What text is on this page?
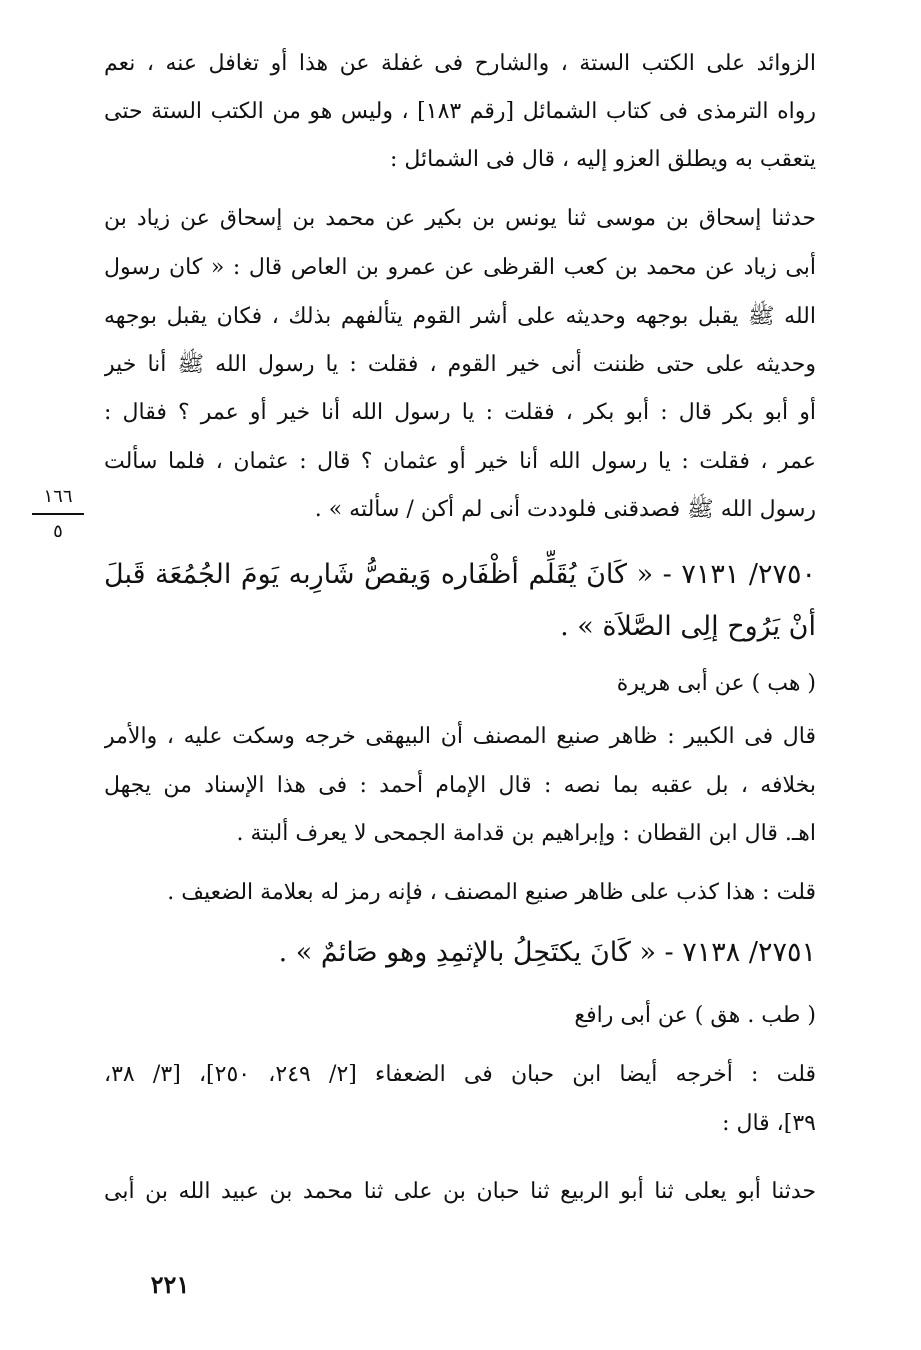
الزوائد على الكتب الستة ، والشارح فى غفلة عن هذا أو تغافل عنه ، نعم
رواه الترمذى فى كتاب الشمائل [رقم ١٨٣] ، وليس هو من الكتب الستة حتى
يتعقب به ويطلق العزو إليه ، قال فى الشمائل :
حدثنا إسحاق بن موسى ثنا يونس بن بكير عن محمد بن إسحاق عن زياد بن
أبى زياد عن محمد بن كعب القرظى عن عمرو بن العاص قال : « كان رسول
الله ﷺ يقبل بوجهه وحديثه على أشر القوم يتألفهم بذلك ، فكان يقبل بوجهه
وحديثه على حتى ظننت أنى خير القوم ، فقلت : يا رسول الله ﷺ أنا خير
أو أبو بكر قال : أبو بكر ، فقلت : يا رسول الله أنا خير أو عمر ؟ فقال :
عمر ، فقلت : يا رسول الله أنا خير أو عثمان ؟ قال : عثمان ، فلما سألت
رسول الله ﷺ فصدقنى فلوددت أنى لم أكن / سألته » .
١٦٦
٥
٢٧٥٠/ ٧١٣١ - « كَانَ يُقَلِّم أظْفَاره وَيقصُّ شَارِبه يَومَ الجُمُعَة قَبلَ
أنْ يَرُوح إلِى الصَّلاَة » .
( هب ) عن أبى هريرة
قال فى الكبير : ظاهر صنيع المصنف أن البيهقى خرجه وسكت عليه ، والأمر
بخلافه ، بل عقبه بما نصه : قال الإمام أحمد : فى هذا الإسناد من يجهل
اهـ. قال ابن القطان : وإبراهيم بن قدامة الجمحى لا يعرف ألبتة .
قلت : هذا كذب على ظاهر صنيع المصنف ، فإنه رمز له بعلامة الضعيف .
٢٧٥١/ ٧١٣٨ - « كَانَ يكتَحِلُ بالإثمِدِ وهو صَائمٌ » .
( طب . هق ) عن أبى رافع
قلت : أخرجه أيضا ابن حبان فى الضعفاء [٢/ ٢٤٩، ٢٥٠]، [٣/ ٣٨،
٣٩]، قال :
حدثنا أبو يعلى ثنا أبو الربيع ثنا حبان بن على ثنا محمد بن عبيد الله بن أبى
٢٢١
